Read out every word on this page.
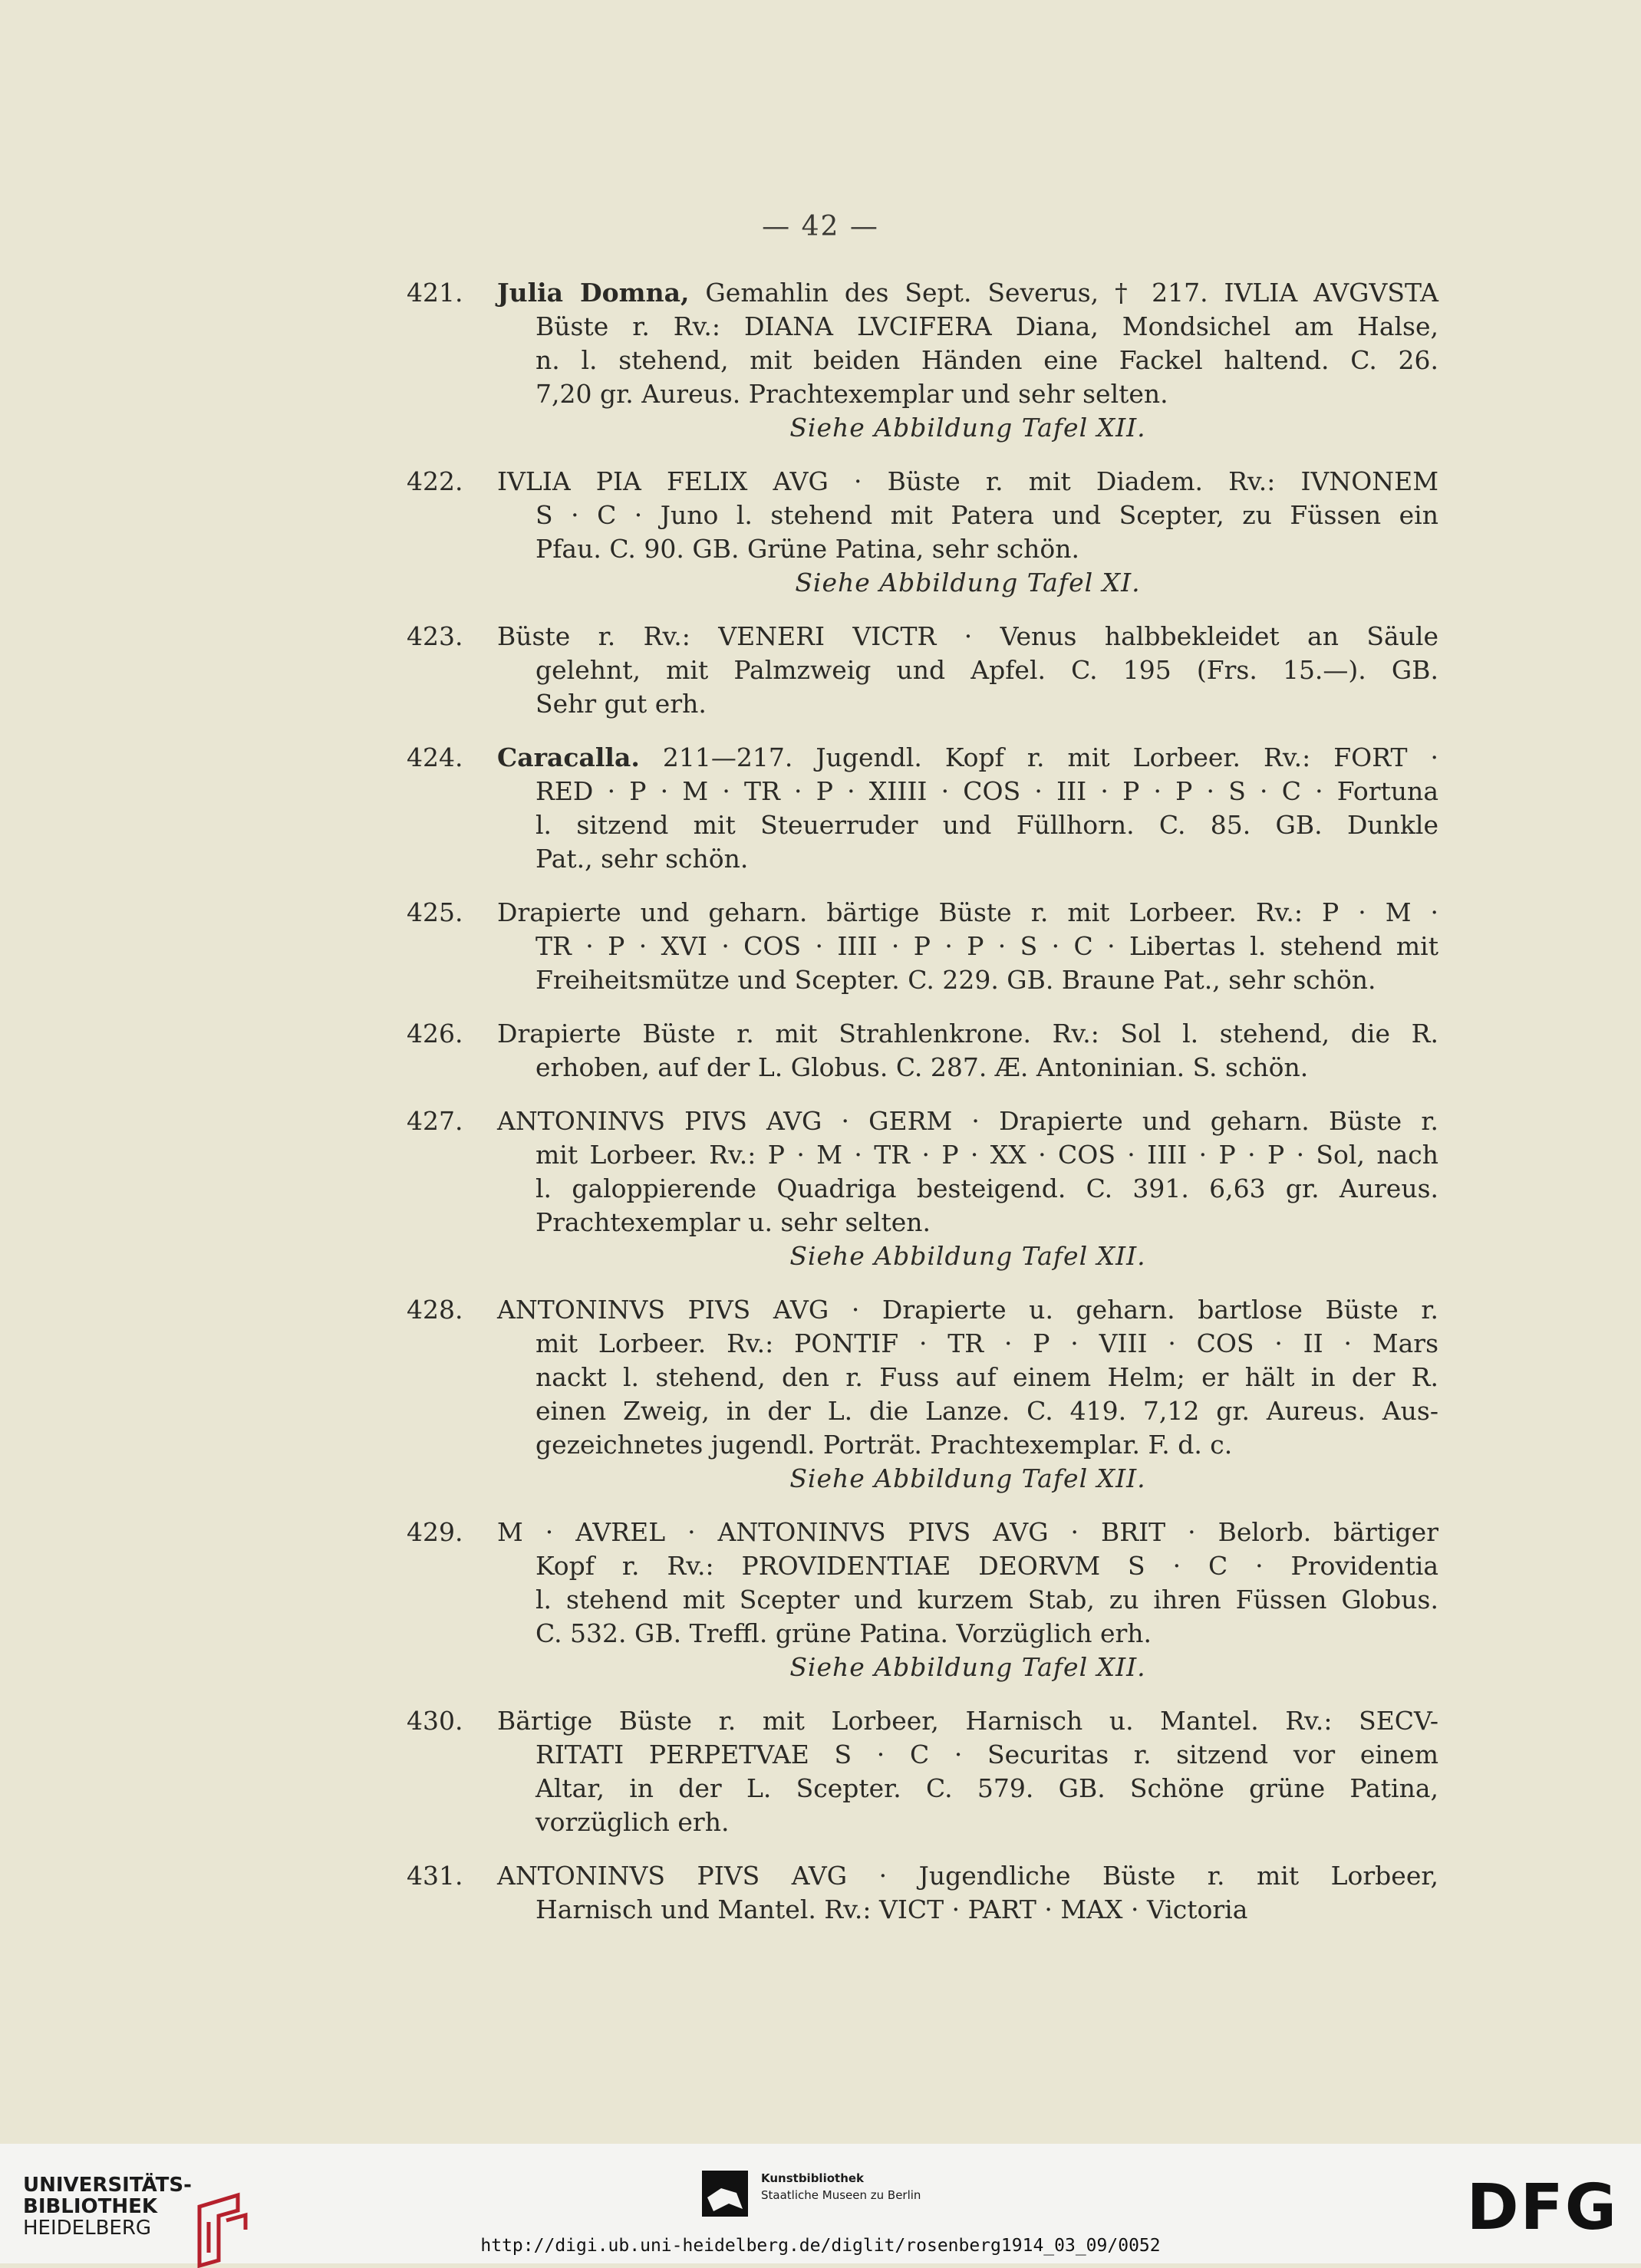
— 42 —
421.	Julia Domna, Gemahlin des Sept. Severus, † 217. IVLIA AVGVSTA
Büste r. Rv.: DIANA LVCIFERA Diana, Mondsichel am Halse,
n. l. stehend, mit beiden Händen eine Fackel haltend. C. 26.
7,20 gr. Aureus. Prachtexemplar und sehr selten.
Siehe Abbildung Tafel XII.
422.	IVLIA PIA FELIX AVG · Büste r. mit Diadem. Rv.: IVNONEM
S · C · Juno l. stehend mit Patera und Scepter, zu Füssen ein
Pfau. C. 90. GB. Grüne Patina, sehr schön.
Siehe Abbildung Tafel XI.
423.	Büste r. Rv.: VENERI VICTR · Venus halbbekleidet an Säule
gelehnt, mit Palmzweig und Apfel. C. 195 (Frs. 15.—). GB.
Sehr gut erh.
424.	Caracalla. 211—217. Jugendl. Kopf r. mit Lorbeer. Rv.: FORT ·
RED · P · M · TR · P · XIIII · COS · III · P · P · S · C · Fortuna
l. sitzend mit Steuerruder und Füllhorn. C. 85. GB. Dunkle
Pat., sehr schön.
425.	Drapierte und geharn. bärtige Büste r. mit Lorbeer. Rv.: P · M ·
TR · P · XVI · COS · IIII · P · P · S · C · Libertas l. stehend mit
Freiheitsmütze und Scepter. C. 229. GB. Braune Pat., sehr schön.
426.	Drapierte Büste r. mit Strahlenkrone. Rv.: Sol l. stehend, die R.
erhoben, auf der L. Globus. C. 287. Æ. Antoninian. S. schön.
427.	ANTONINVS PIVS AVG · GERM · Drapierte und geharn. Büste r.
mit Lorbeer. Rv.: P · M · TR · P · XX · COS · IIII · P · P · Sol, nach
l. galoppierende Quadriga besteigend. C. 391. 6,63 gr. Aureus.
Prachtexemplar u. sehr selten.
Siehe Abbildung Tafel XII.
428.	ANTONINVS PIVS AVG · Drapierte u. geharn. bartlose Büste r.
mit Lorbeer. Rv.: PONTIF · TR · P · VIII · COS · II · Mars
nackt l. stehend, den r. Fuss auf einem Helm; er hält in der R.
einen Zweig, in der L. die Lanze. C. 419. 7,12 gr. Aureus. Aus-
gezeichnetes jugendl. Porträt. Prachtexemplar. F. d. c.
Siehe Abbildung Tafel XII.
429.	M · AVREL · ANTONINVS PIVS AVG · BRIT · Belorb. bärtiger
Kopf r. Rv.: PROVIDENTIAE DEORVM S · C · Providentia
l. stehend mit Scepter und kurzem Stab, zu ihren Füssen Globus.
C. 532. GB. Treffl. grüne Patina. Vorzüglich erh.
Siehe Abbildung Tafel XII.
430.	Bärtige Büste r. mit Lorbeer, Harnisch u. Mantel. Rv.: SECV-
RITATI PERPETVAE S · C · Securitas r. sitzend vor einem
Altar, in der L. Scepter. C. 579. GB. Schöne grüne Patina,
vorzüglich erh.
431.	ANTONINVS PIVS AVG · Jugendliche Büste r. mit Lorbeer,
Harnisch und Mantel. Rv.: VICT · PART · MAX · Victoria
UNIVERSITÄTS-
BIBLIOTHEK
HEIDELBERG
Kunstbibliothek
Staatliche Museen zu Berlin	DFG
http://digi.ub.uni-heidelberg.de/diglit/rosenberg1914_03_09/0052
